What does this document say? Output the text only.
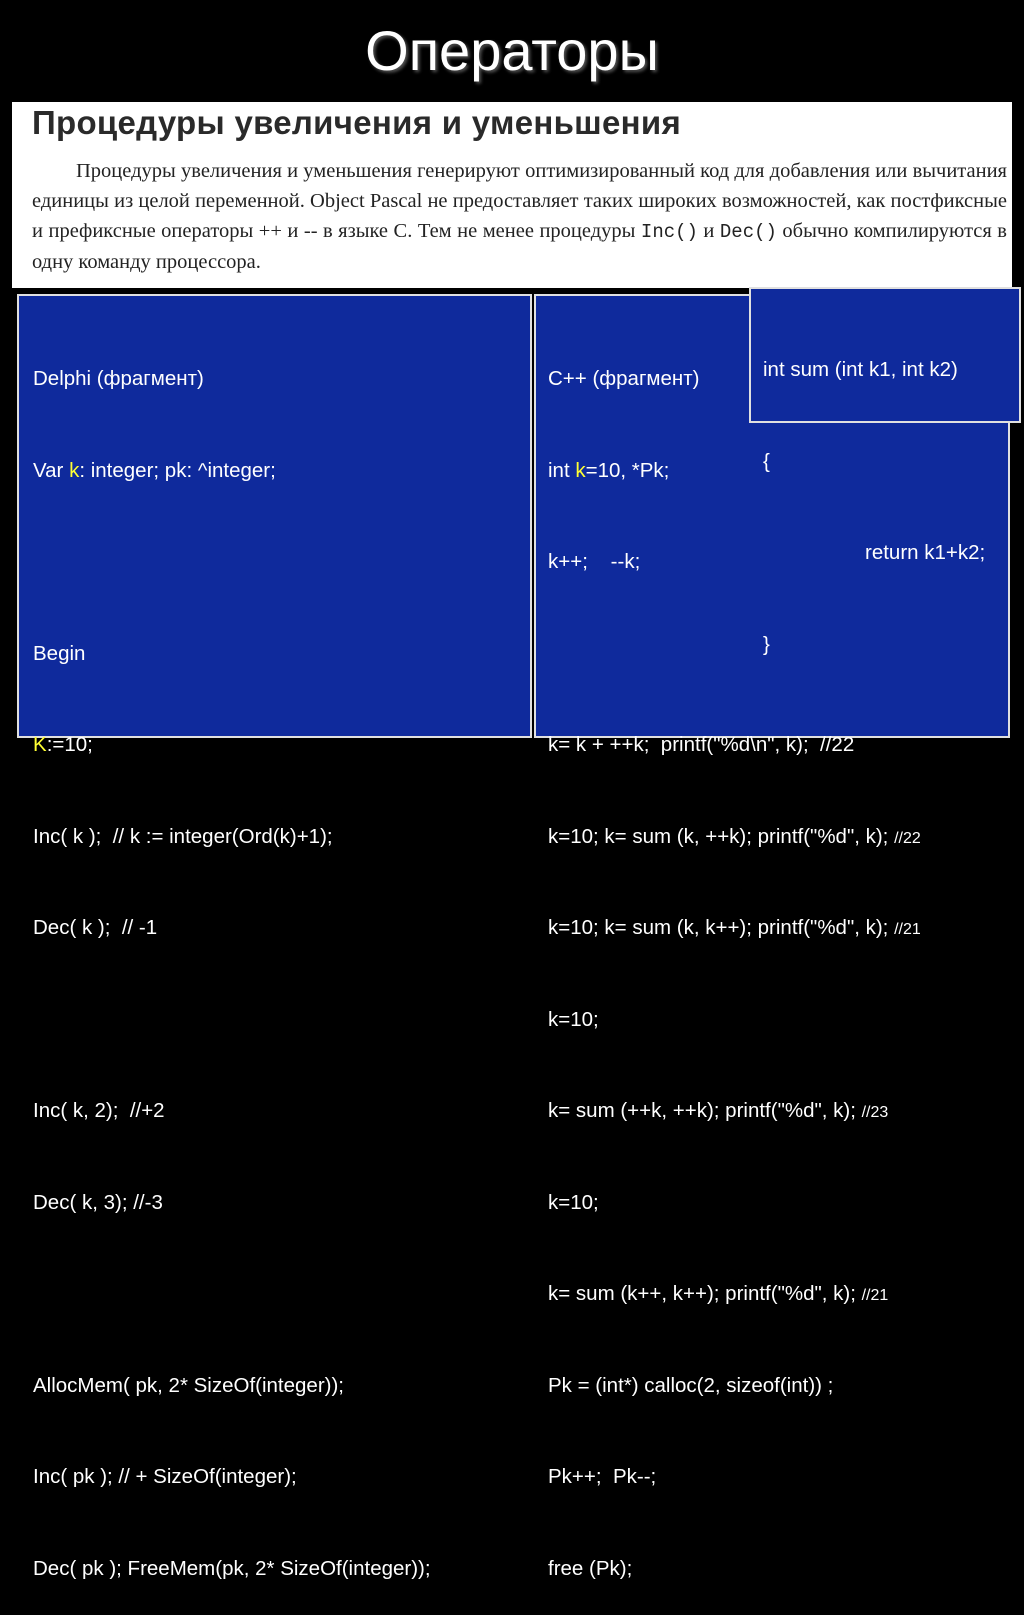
Операторы
Процедуры увеличения и уменьшения
Процедуры увеличения и уменьшения генерируют оптимизированный код для добавления или вычитания единицы из целой переменной. Object Pascal не предоставляет таких широких возможностей, как постфиксные и префиксные операторы ++ и -- в языке С. Тем не менее процедуры Inc() и Dec() обычно компилируются в одну команду процессора.

Delphi (фрагмент)

Var k: integer; pk: ^integer;

Begin

K:=10;

Inc( k );  // k := integer(Ord(k)+1);

Dec( k );  // -1

Inc( k, 2);  //+2

Dec( k, 3); //-3

AllocMem( pk, 2* SizeOf(integer));

Inc( pk ); // + SizeOf(integer);

Dec( pk ); FreeMem(pk, 2* SizeOf(integer));

C++ (фрагмент)

int k=10, *Pk;

k++;    --k;

k= k + ++k;  printf("%d\n", k);  //22

k=10; k= sum (k, ++k); printf("%d", k); //22

k=10; k= sum (k, k++); printf("%d", k); //21

k=10;

k= sum (++k, ++k); printf("%d", k); //23

k=10;

k= sum (k++, k++); printf("%d", k); //21

Pk = (int*) calloc(2, sizeof(int)) ;

Pk++;  Pk--;

free (Pk);

int sum (int k1, int k2)

{

return k1+k2;

}
